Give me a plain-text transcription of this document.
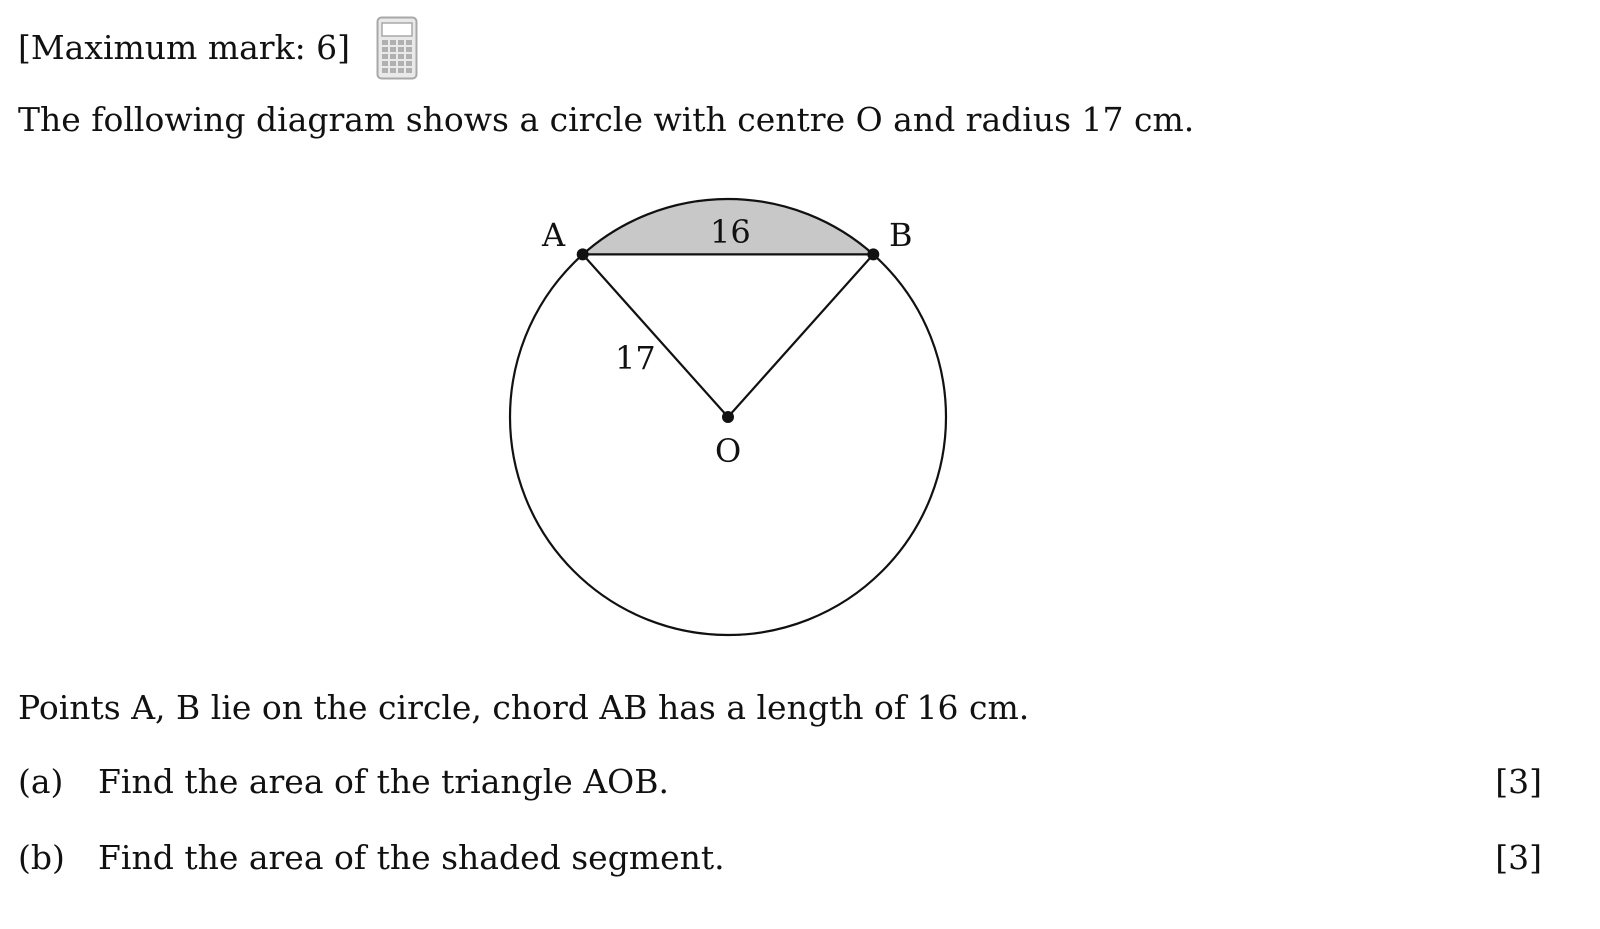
[Maximum mark: 6]
The following diagram shows a circle with centre O and radius 17 cm.
A	B
O
16
17
Points A, B lie on the circle, chord AB has a length of 16 cm.
(a) Find the area of the triangle AOB.	[3]
(b) Find the area of the shaded segment.	[3]
